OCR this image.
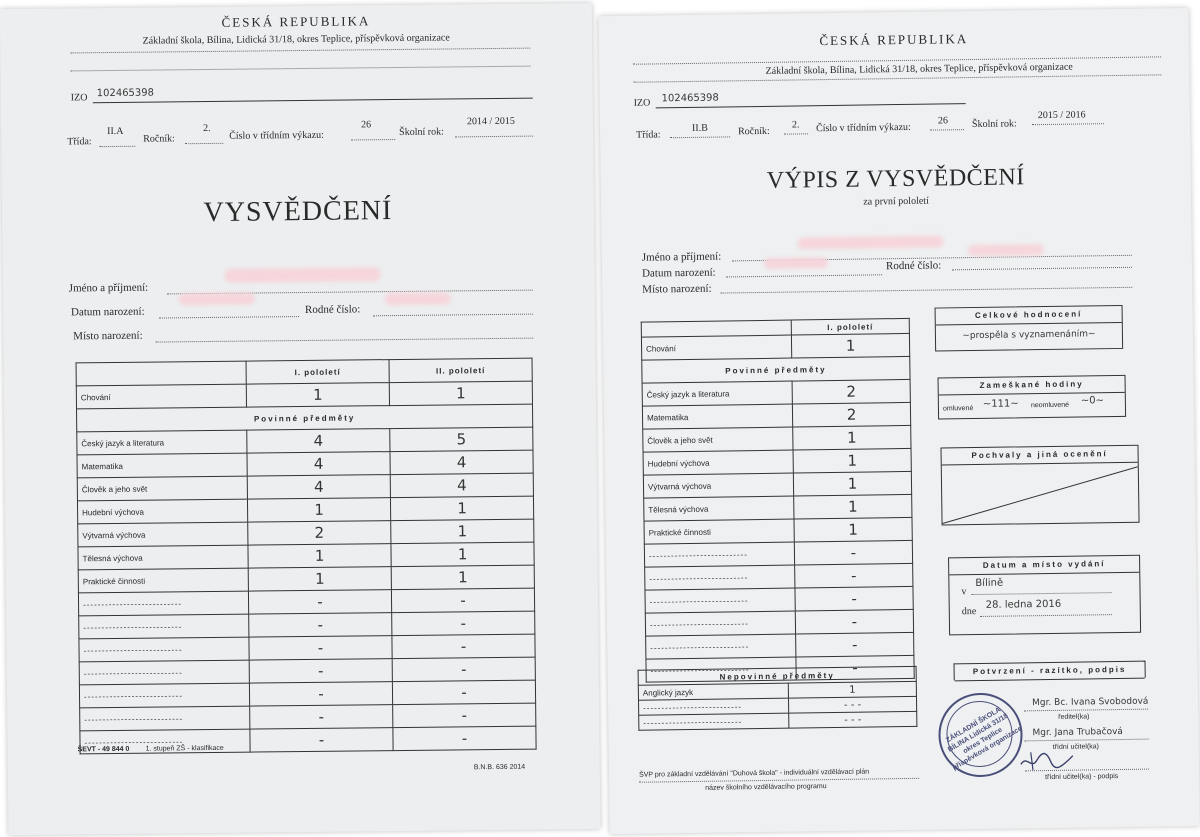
ČESKÁ REPUBLIKA
Základní škola, Bílina, Lidická 31/18, okres Teplice, příspěvková organizace
IZO 102465398
Třída:
II.A
Ročník:
2.
Číslo v třídním výkazu:
26
Školní rok:
2014 / 2015
VYSVĚDČENÍ
Jméno a příjmení:
Datum narození:	Rodné číslo:
Místo narození:
	I. pololetí	II. pololetí
Chování	1	1
Povinné předměty		
Český jazyk a literatura	4	5
Matematika	4	4
Člověk a jeho svět	4	4
Hudební výchova	1	1
Výtvarná výchova	2	1
Tělesná výchova	1	1
Praktické činnosti	1	1
---------------------------	-	-
---------------------------	-	-
---------------------------	-	-
---------------------------	-	-
---------------------------	-	-
---------------------------	-	-
---------------------------	-	-
ŠEVT - 49 844 0 1. stupeň ZŠ - klasifikace
B.N.B. 636 2014
ČESKÁ REPUBLIKA
Základní škola, Bílina, Lidická 31/18, okres Teplice, příspěvková organizace
IZO 102465398
Třída:
II.B	Ročník:
2. Číslo v třídním výkazu:
26 Školní rok:
2015 / 2016
VÝPIS Z VYSVĚDČENÍ
za první pololetí
Jméno a příjmení:
Datum narození:
Rodné číslo:
Místo narození:
	I. pololetí
Chování	1
Povinné předměty	
Český jazyk a literatura	2
Matematika	2
Člověk a jeho svět	1
Hudební výchova	1
Výtvarná výchova	1
Tělesná výchova	1
Praktické činnosti	1
---------------------------	-
---------------------------	-
---------------------------	-
---------------------------	-
---------------------------	-
---------------------------	-
Celkové hodnocení
~prospěla s vyznamenáním~
Zameškané hodiny
omluvené ~111~ neomluvené ~0~
Pochvaly a jiná ocenění
Datum a místo vydání
v
Bílině
dne
28. ledna 2016
Nepovinné předměty	
Anglický jazyk	1
---------------------------	- - -
---------------------------	- - -
Potvrzení - razítko, podpis
ZÁKLADNÍ ŠKOLA BÍLINA Lidická 31/18 okres Teplice příspěvková organizace
Mgr. Bc. Ivana Svobodová
ředitel(ka)
Mgr. Jana Trubačová
třídní učitel(ka)
třídní učitel(ka) - podpis
ŠVP pro základní vzdělávání "Duhová škola" - individuální vzdělávací plán
název školního vzdělávacího programu
